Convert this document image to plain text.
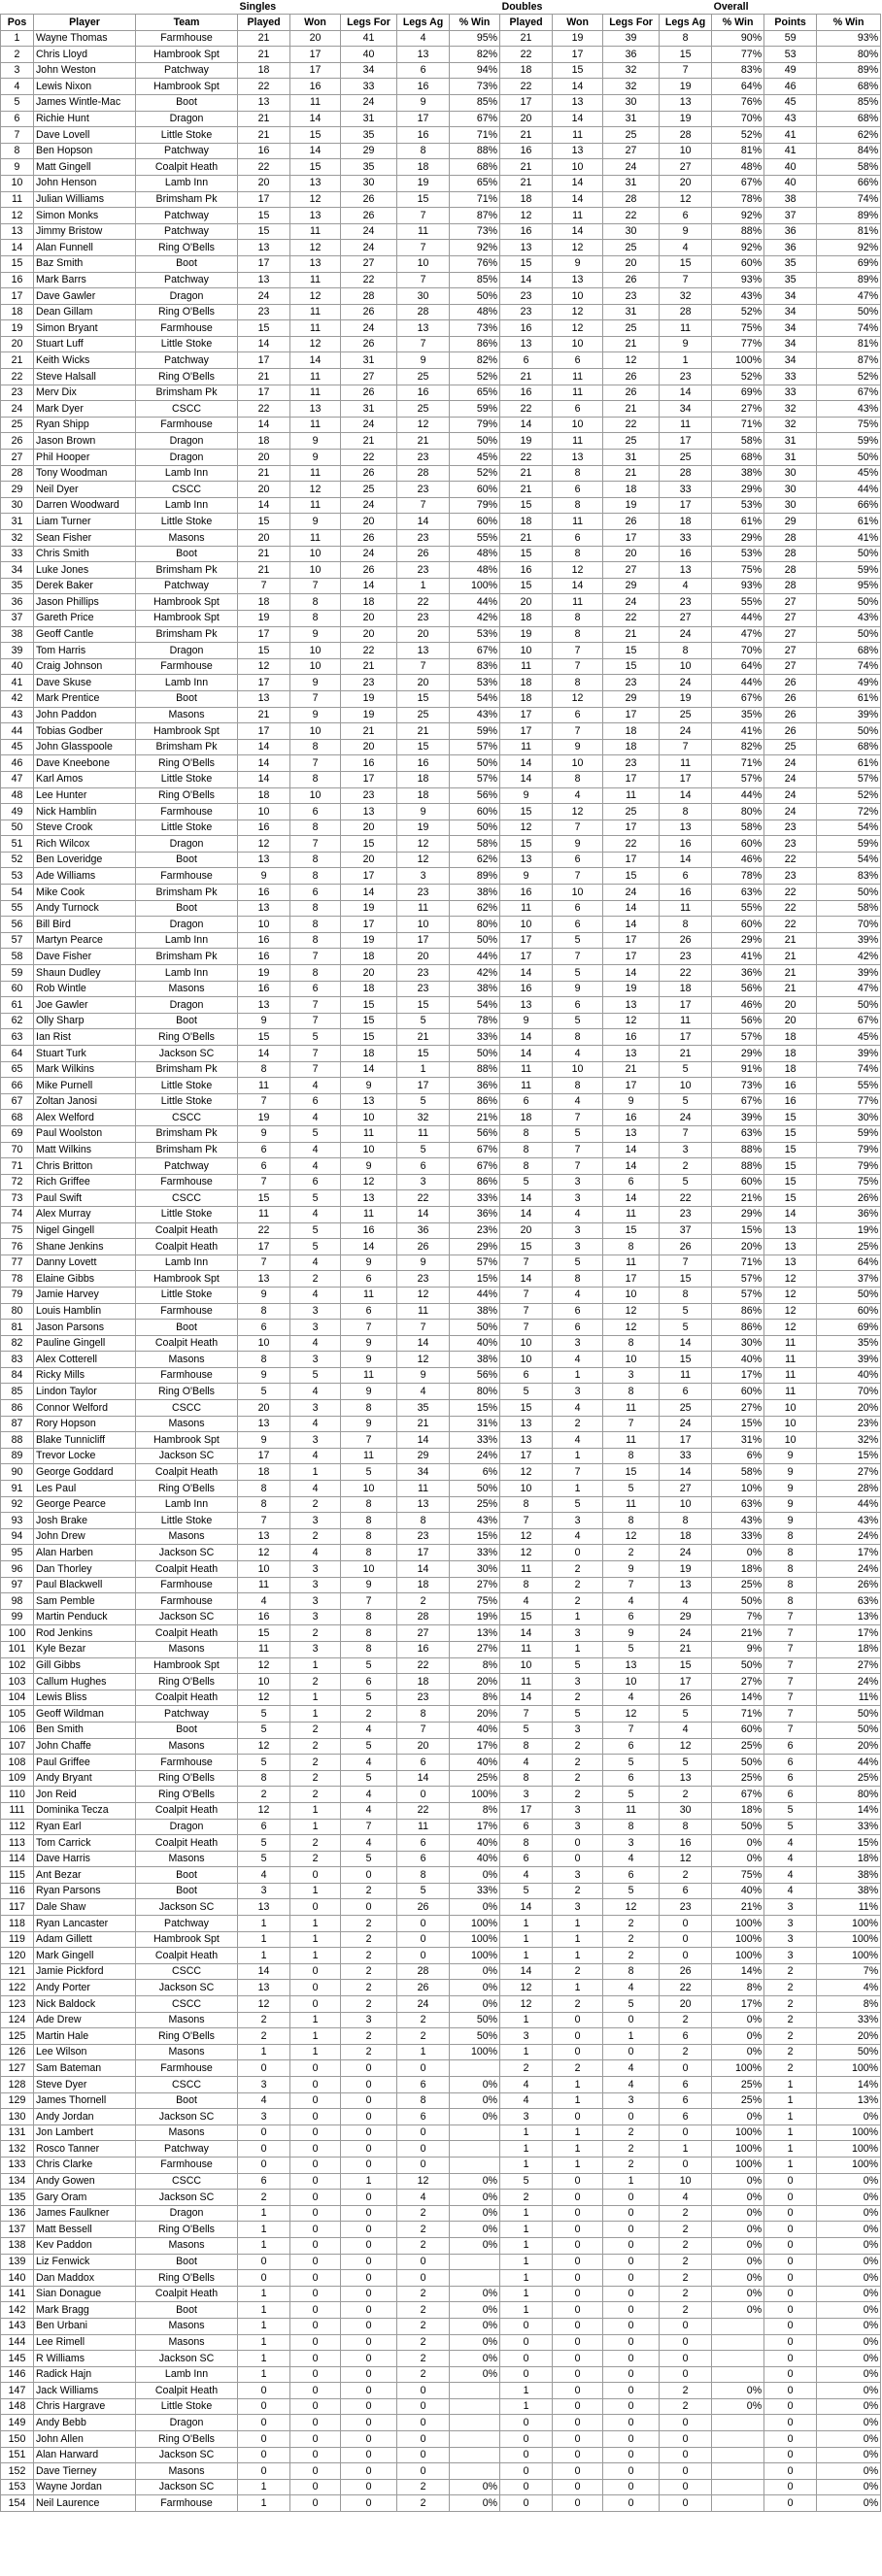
			Singles					Doubles				Overall		
Pos	Player	Team	Played	Won	Legs For	Legs Ag	% Win	Played	Won	Legs For	Legs Ag	% Win	Points	% Win
1	Wayne Thomas	Farmhouse	21	20	41	4	95%	21	19	39	8	90%	59	93%
2	Chris Lloyd	Hambrook Spt	21	17	40	13	82%	22	17	36	15	77%	53	80%
3	John Weston	Patchway	18	17	34	6	94%	18	15	32	7	83%	49	89%
4	Lewis Nixon	Hambrook Spt	22	16	33	16	73%	22	14	32	19	64%	46	68%
5	James Wintle-Mac	Boot	13	11	24	9	85%	17	13	30	13	76%	45	85%
6	Richie Hunt	Dragon	21	14	31	17	67%	20	14	31	19	70%	43	68%
7	Dave Lovell	Little Stoke	21	15	35	16	71%	21	11	25	28	52%	41	62%
8	Ben Hopson	Patchway	16	14	29	8	88%	16	13	27	10	81%	41	84%
9	Matt Gingell	Coalpit Heath	22	15	35	18	68%	21	10	24	27	48%	40	58%
10	John Henson	Lamb Inn	20	13	30	19	65%	21	14	31	20	67%	40	66%
11	Julian Williams	Brimsham Pk	17	12	26	15	71%	18	14	28	12	78%	38	74%
12	Simon Monks	Patchway	15	13	26	7	87%	12	11	22	6	92%	37	89%
13	Jimmy Bristow	Patchway	15	11	24	11	73%	16	14	30	9	88%	36	81%
14	Alan Funnell	Ring O'Bells	13	12	24	7	92%	13	12	25	4	92%	36	92%
15	Baz Smith	Boot	17	13	27	10	76%	15	9	20	15	60%	35	69%
16	Mark Barrs	Patchway	13	11	22	7	85%	14	13	26	7	93%	35	89%
17	Dave Gawler	Dragon	24	12	28	30	50%	23	10	23	32	43%	34	47%
18	Dean Gillam	Ring O'Bells	23	11	26	28	48%	23	12	31	28	52%	34	50%
19	Simon Bryant	Farmhouse	15	11	24	13	73%	16	12	25	11	75%	34	74%
20	Stuart Luff	Little Stoke	14	12	26	7	86%	13	10	21	9	77%	34	81%
21	Keith Wicks	Patchway	17	14	31	9	82%	6	6	12	1	100%	34	87%
22	Steve Halsall	Ring O'Bells	21	11	27	25	52%	21	11	26	23	52%	33	52%
23	Merv Dix	Brimsham Pk	17	11	26	16	65%	16	11	26	14	69%	33	67%
24	Mark Dyer	CSCC	22	13	31	25	59%	22	6	21	34	27%	32	43%
25	Ryan Shipp	Farmhouse	14	11	24	12	79%	14	10	22	11	71%	32	75%
26	Jason Brown	Dragon	18	9	21	21	50%	19	11	25	17	58%	31	59%
27	Phil Hooper	Dragon	20	9	22	23	45%	22	13	31	25	68%	31	50%
28	Tony Woodman	Lamb Inn	21	11	26	28	52%	21	8	21	28	38%	30	45%
29	Neil Dyer	CSCC	20	12	25	23	60%	21	6	18	33	29%	30	44%
30	Darren Woodward	Lamb Inn	14	11	24	7	79%	15	8	19	17	53%	30	66%
31	Liam Turner	Little Stoke	15	9	20	14	60%	18	11	26	18	61%	29	61%
32	Sean Fisher	Masons	20	11	26	23	55%	21	6	17	33	29%	28	41%
33	Chris Smith	Boot	21	10	24	26	48%	15	8	20	16	53%	28	50%
34	Luke Jones	Brimsham Pk	21	10	26	23	48%	16	12	27	13	75%	28	59%
35	Derek Baker	Patchway	7	7	14	1	100%	15	14	29	4	93%	28	95%
36	Jason Phillips	Hambrook Spt	18	8	18	22	44%	20	11	24	23	55%	27	50%
37	Gareth Price	Hambrook Spt	19	8	20	23	42%	18	8	22	27	44%	27	43%
38	Geoff Cantle	Brimsham Pk	17	9	20	20	53%	19	8	21	24	47%	27	50%
39	Tom Harris	Dragon	15	10	22	13	67%	10	7	15	8	70%	27	68%
40	Craig Johnson	Farmhouse	12	10	21	7	83%	11	7	15	10	64%	27	74%
41	Dave Skuse	Lamb Inn	17	9	23	20	53%	18	8	23	24	44%	26	49%
42	Mark Prentice	Boot	13	7	19	15	54%	18	12	29	19	67%	26	61%
43	John Paddon	Masons	21	9	19	25	43%	17	6	17	25	35%	26	39%
44	Tobias Godber	Hambrook Spt	17	10	21	21	59%	17	7	18	24	41%	26	50%
45	John Glasspoole	Brimsham Pk	14	8	20	15	57%	11	9	18	7	82%	25	68%
46	Dave Kneebone	Ring O'Bells	14	7	16	16	50%	14	10	23	11	71%	24	61%
47	Karl Amos	Little Stoke	14	8	17	18	57%	14	8	17	17	57%	24	57%
48	Lee Hunter	Ring O'Bells	18	10	23	18	56%	9	4	11	14	44%	24	52%
49	Nick Hamblin	Farmhouse	10	6	13	9	60%	15	12	25	8	80%	24	72%
50	Steve Crook	Little Stoke	16	8	20	19	50%	12	7	17	13	58%	23	54%
51	Rich Wilcox	Dragon	12	7	15	12	58%	15	9	22	16	60%	23	59%
52	Ben Loveridge	Boot	13	8	20	12	62%	13	6	17	14	46%	22	54%
53	Ade Williams	Farmhouse	9	8	17	3	89%	9	7	15	6	78%	23	83%
54	Mike Cook	Brimsham Pk	16	6	14	23	38%	16	10	24	16	63%	22	50%
55	Andy Turnock	Boot	13	8	19	11	62%	11	6	14	11	55%	22	58%
56	Bill Bird	Dragon	10	8	17	10	80%	10	6	14	8	60%	22	70%
57	Martyn Pearce	Lamb Inn	16	8	19	17	50%	17	5	17	26	29%	21	39%
58	Dave Fisher	Brimsham Pk	16	7	18	20	44%	17	7	17	23	41%	21	42%
59	Shaun Dudley	Lamb Inn	19	8	20	23	42%	14	5	14	22	36%	21	39%
60	Rob Wintle	Masons	16	6	18	23	38%	16	9	19	18	56%	21	47%
61	Joe Gawler	Dragon	13	7	15	15	54%	13	6	13	17	46%	20	50%
62	Olly Sharp	Boot	9	7	15	5	78%	9	5	12	11	56%	20	67%
63	Ian Rist	Ring O'Bells	15	5	15	21	33%	14	8	16	17	57%	18	45%
64	Stuart Turk	Jackson SC	14	7	18	15	50%	14	4	13	21	29%	18	39%
65	Mark Wilkins	Brimsham Pk	8	7	14	1	88%	11	10	21	5	91%	18	74%
66	Mike Purnell	Little Stoke	11	4	9	17	36%	11	8	17	10	73%	16	55%
67	Zoltan Janosi	Little Stoke	7	6	13	5	86%	6	4	9	5	67%	16	77%
68	Alex Welford	CSCC	19	4	10	32	21%	18	7	16	24	39%	15	30%
69	Paul Woolston	Brimsham Pk	9	5	11	11	56%	8	5	13	7	63%	15	59%
70	Matt Wilkins	Brimsham Pk	6	4	10	5	67%	8	7	14	3	88%	15	79%
71	Chris Britton	Patchway	6	4	9	6	67%	8	7	14	2	88%	15	79%
72	Rich Griffee	Farmhouse	7	6	12	3	86%	5	3	6	5	60%	15	75%
73	Paul Swift	CSCC	15	5	13	22	33%	14	3	14	22	21%	15	26%
74	Alex Murray	Little Stoke	11	4	11	14	36%	14	4	11	23	29%	14	36%
75	Nigel Gingell	Coalpit Heath	22	5	16	36	23%	20	3	15	37	15%	13	19%
76	Shane Jenkins	Coalpit Heath	17	5	14	26	29%	15	3	8	26	20%	13	25%
77	Danny Lovett	Lamb Inn	7	4	9	9	57%	7	5	11	7	71%	13	64%
78	Elaine Gibbs	Hambrook Spt	13	2	6	23	15%	14	8	17	15	57%	12	37%
79	Jamie Harvey	Little Stoke	9	4	11	12	44%	7	4	10	8	57%	12	50%
80	Louis Hamblin	Farmhouse	8	3	6	11	38%	7	6	12	5	86%	12	60%
81	Jason Parsons	Boot	6	3	7	7	50%	7	6	12	5	86%	12	69%
82	Pauline Gingell	Coalpit Heath	10	4	9	14	40%	10	3	8	14	30%	11	35%
83	Alex Cotterell	Masons	8	3	9	12	38%	10	4	10	15	40%	11	39%
84	Ricky Mills	Farmhouse	9	5	11	9	56%	6	1	3	11	17%	11	40%
85	Lindon Taylor	Ring O'Bells	5	4	9	4	80%	5	3	8	6	60%	11	70%
86	Connor Welford	CSCC	20	3	8	35	15%	15	4	11	25	27%	10	20%
87	Rory Hopson	Masons	13	4	9	21	31%	13	2	7	24	15%	10	23%
88	Blake Tunnicliff	Hambrook Spt	9	3	7	14	33%	13	4	11	17	31%	10	32%
89	Trevor Locke	Jackson SC	17	4	11	29	24%	17	1	8	33	6%	9	15%
90	George Goddard	Coalpit Heath	18	1	5	34	6%	12	7	15	14	58%	9	27%
91	Les Paul	Ring O'Bells	8	4	10	11	50%	10	1	5	27	10%	9	28%
92	George Pearce	Lamb Inn	8	2	8	13	25%	8	5	11	10	63%	9	44%
93	Josh Brake	Little Stoke	7	3	8	8	43%	7	3	8	8	43%	9	43%
94	John Drew	Masons	13	2	8	23	15%	12	4	12	18	33%	8	24%
95	Alan Harben	Jackson SC	12	4	8	17	33%	12	0	2	24	0%	8	17%
96	Dan Thorley	Coalpit Heath	10	3	10	14	30%	11	2	9	19	18%	8	24%
97	Paul Blackwell	Farmhouse	11	3	9	18	27%	8	2	7	13	25%	8	26%
98	Sam Pemble	Farmhouse	4	3	7	2	75%	4	2	4	4	50%	8	63%
99	Martin Penduck	Jackson SC	16	3	8	28	19%	15	1	6	29	7%	7	13%
100	Rod Jenkins	Coalpit Heath	15	2	8	27	13%	14	3	9	24	21%	7	17%
101	Kyle Bezar	Masons	11	3	8	16	27%	11	1	5	21	9%	7	18%
102	Gill Gibbs	Hambrook Spt	12	1	5	22	8%	10	5	13	15	50%	7	27%
103	Callum Hughes	Ring O'Bells	10	2	6	18	20%	11	3	10	17	27%	7	24%
104	Lewis Bliss	Coalpit Heath	12	1	5	23	8%	14	2	4	26	14%	7	11%
105	Geoff Wildman	Patchway	5	1	2	8	20%	7	5	12	5	71%	7	50%
106	Ben Smith	Boot	5	2	4	7	40%	5	3	7	4	60%	7	50%
107	John Chaffe	Masons	12	2	5	20	17%	8	2	6	12	25%	6	20%
108	Paul Griffee	Farmhouse	5	2	4	6	40%	4	2	5	5	50%	6	44%
109	Andy Bryant	Ring O'Bells	8	2	5	14	25%	8	2	6	13	25%	6	25%
110	Jon Reid	Ring O'Bells	2	2	4	0	100%	3	2	5	2	67%	6	80%
111	Dominika Tecza	Coalpit Heath	12	1	4	22	8%	17	3	11	30	18%	5	14%
112	Ryan Earl	Dragon	6	1	7	11	17%	6	3	8	8	50%	5	33%
113	Tom Carrick	Coalpit Heath	5	2	4	6	40%	8	0	3	16	0%	4	15%
114	Dave Harris	Masons	5	2	5	6	40%	6	0	4	12	0%	4	18%
115	Ant Bezar	Boot	4	0	0	8	0%	4	3	6	2	75%	4	38%
116	Ryan Parsons	Boot	3	1	2	5	33%	5	2	5	6	40%	4	38%
117	Dale Shaw	Jackson SC	13	0	0	26	0%	14	3	12	23	21%	3	11%
118	Ryan Lancaster	Patchway	1	1	2	0	100%	1	1	2	0	100%	3	100%
119	Adam Gillett	Hambrook Spt	1	1	2	0	100%	1	1	2	0	100%	3	100%
120	Mark Gingell	Coalpit Heath	1	1	2	0	100%	1	1	2	0	100%	3	100%
121	Jamie Pickford	CSCC	14	0	2	28	0%	14	2	8	26	14%	2	7%
122	Andy Porter	Jackson SC	13	0	2	26	0%	12	1	4	22	8%	2	4%
123	Nick Baldock	CSCC	12	0	2	24	0%	12	2	5	20	17%	2	8%
124	Ade Drew	Masons	2	1	3	2	50%	1	0	0	2	0%	2	33%
125	Martin Hale	Ring O'Bells	2	1	2	2	50%	3	0	1	6	0%	2	20%
126	Lee Wilson	Masons	1	1	2	1	100%	1	0	0	2	0%	2	50%
127	Sam Bateman	Farmhouse	0	0	0	0		2	2	4	0	100%	2	100%
128	Steve Dyer	CSCC	3	0	0	6	0%	4	1	4	6	25%	1	14%
129	James Thornell	Boot	4	0	0	8	0%	4	1	3	6	25%	1	13%
130	Andy Jordan	Jackson SC	3	0	0	6	0%	3	0	0	6	0%	1	0%
131	Jon Lambert	Masons	0	0	0	0		1	1	2	0	100%	1	100%
132	Rosco Tanner	Patchway	0	0	0	0		1	1	2	1	100%	1	100%
133	Chris Clarke	Farmhouse	0	0	0	0		1	1	2	0	100%	1	100%
134	Andy Gowen	CSCC	6	0	1	12	0%	5	0	1	10	0%	0	0%
135	Gary Oram	Jackson SC	2	0	0	4	0%	2	0	0	4	0%	0	0%
136	James Faulkner	Dragon	1	0	0	2	0%	1	0	0	2	0%	0	0%
137	Matt Bessell	Ring O'Bells	1	0	0	2	0%	1	0	0	2	0%	0	0%
138	Kev Paddon	Masons	1	0	0	2	0%	1	0	0	2	0%	0	0%
139	Liz Fenwick	Boot	0	0	0	0		1	0	0	2	0%	0	0%
140	Dan Maddox	Ring O'Bells	0	0	0	0		1	0	0	2	0%	0	0%
141	Sian Donague	Coalpit Heath	1	0	0	2	0%	1	0	0	2	0%	0	0%
142	Mark Bragg	Boot	1	0	0	2	0%	1	0	0	2	0%	0	0%
143	Ben Urbani	Masons	1	0	0	2	0%	0	0	0	0		0	0%
144	Lee Rimell	Masons	1	0	0	2	0%	0	0	0	0		0	0%
145	R Williams	Jackson SC	1	0	0	2	0%	0	0	0	0		0	0%
146	Radick Hajn	Lamb Inn	1	0	0	2	0%	0	0	0	0		0	0%
147	Jack Williams	Coalpit Heath	0	0	0	0		1	0	0	2	0%	0	0%
148	Chris Hargrave	Little Stoke	0	0	0	0		1	0	0	2	0%	0	0%
149	Andy Bebb	Dragon	0	0	0	0		0	0	0	0		0	0%
150	John Allen	Ring O'Bells	0	0	0	0		0	0	0	0		0	0%
151	Alan Harward	Jackson SC	0	0	0	0		0	0	0	0		0	0%
152	Dave Tierney	Masons	0	0	0	0		0	0	0	0		0	0%
153	Wayne Jordan	Jackson SC	1	0	0	2	0%	0	0	0	0		0	0%
154	Neil Laurence	Farmhouse	1	0	0	2	0%	0	0	0	0		0	0%
